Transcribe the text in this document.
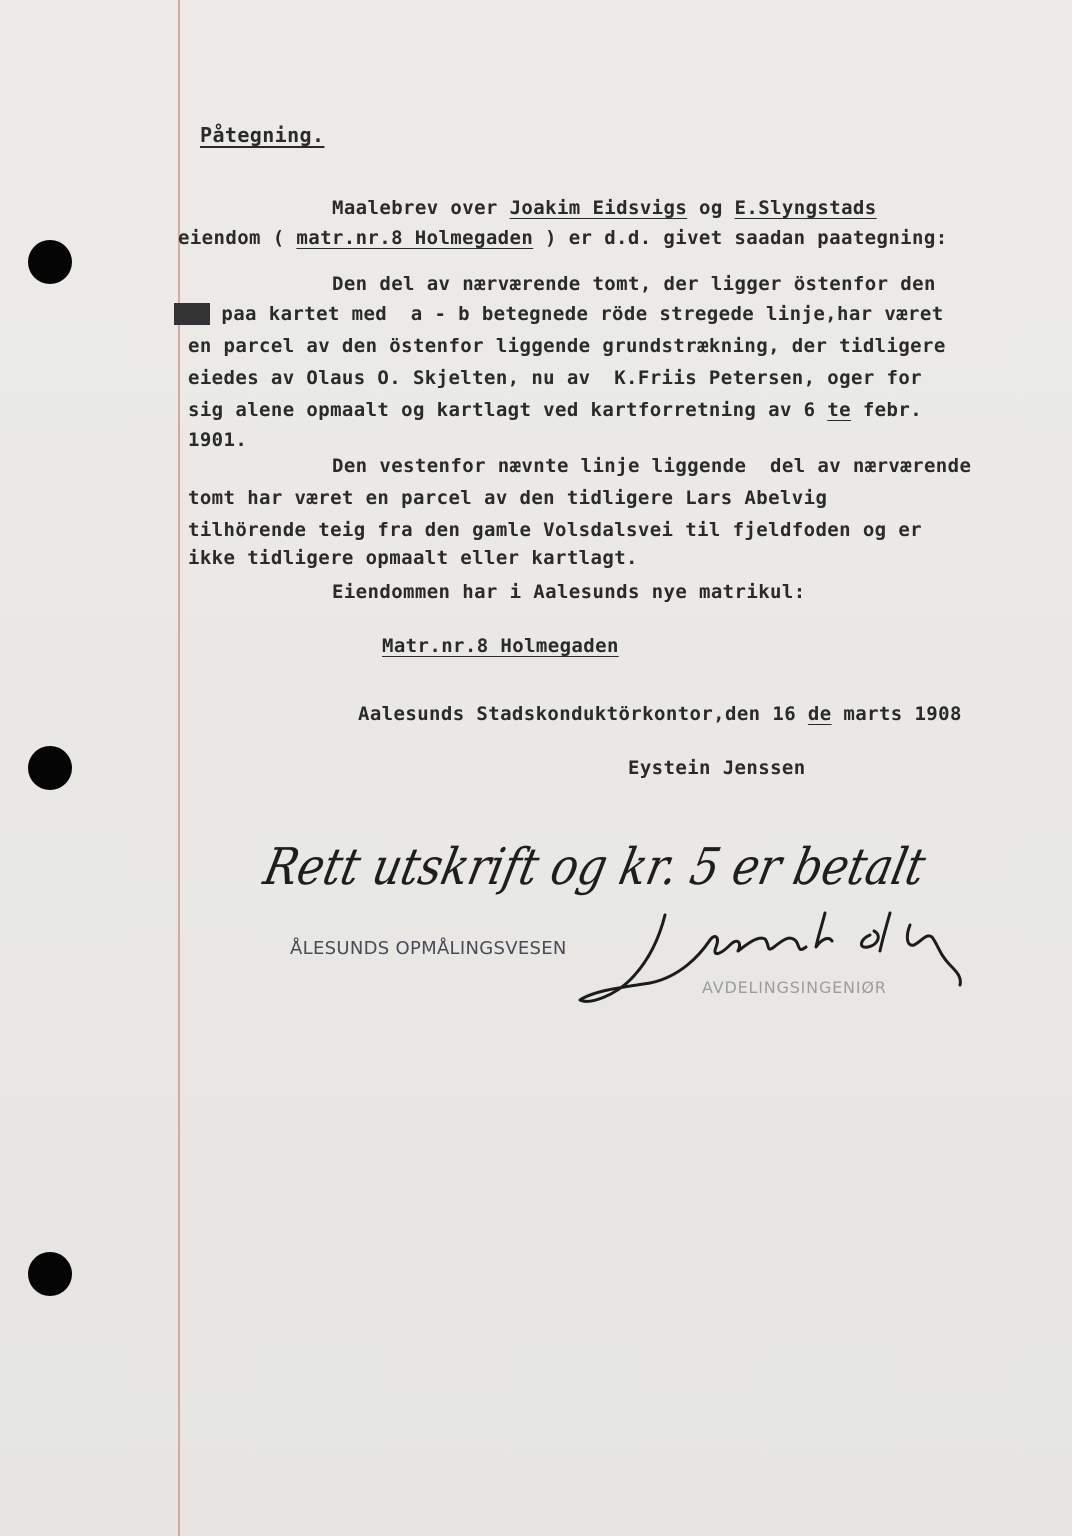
Påtegning.
Maalebrev over Joakim Eidsvigs og E.Slyngstads
eiendom ( matr.nr.8 Holmegaden ) er d.d. givet saadan paategning:
Den del av nærværende tomt, der ligger östenfor den
Xxx paa kartet med  a - b betegnede röde stregede linje,har været
en parcel av den östenfor liggende grundstrækning, der tidligere
eiedes av Olaus O. Skjelten, nu av  K.Friis Petersen, oger for
sig alene opmaalt og kartlagt ved kartforretning av 6 te febr.
1901.
Den vestenfor nævnte linje liggende  del av nærværende
tomt har været en parcel av den tidligere Lars Abelvig
tilhörende teig fra den gamle Volsdalsvei til fjeldfoden og er
ikke tidligere opmaalt eller kartlagt.
Eiendommen har i Aalesunds nye matrikul:
Matr.nr.8 Holmegaden
Aalesunds Stadskonduktörkontor,den 16 de marts 1908
Eystein Jenssen
Rett utskrift og kr. 5 er betalt
ÅLESUNDS OPMÅLINGSVESEN
AVDELINGSINGENIØR
